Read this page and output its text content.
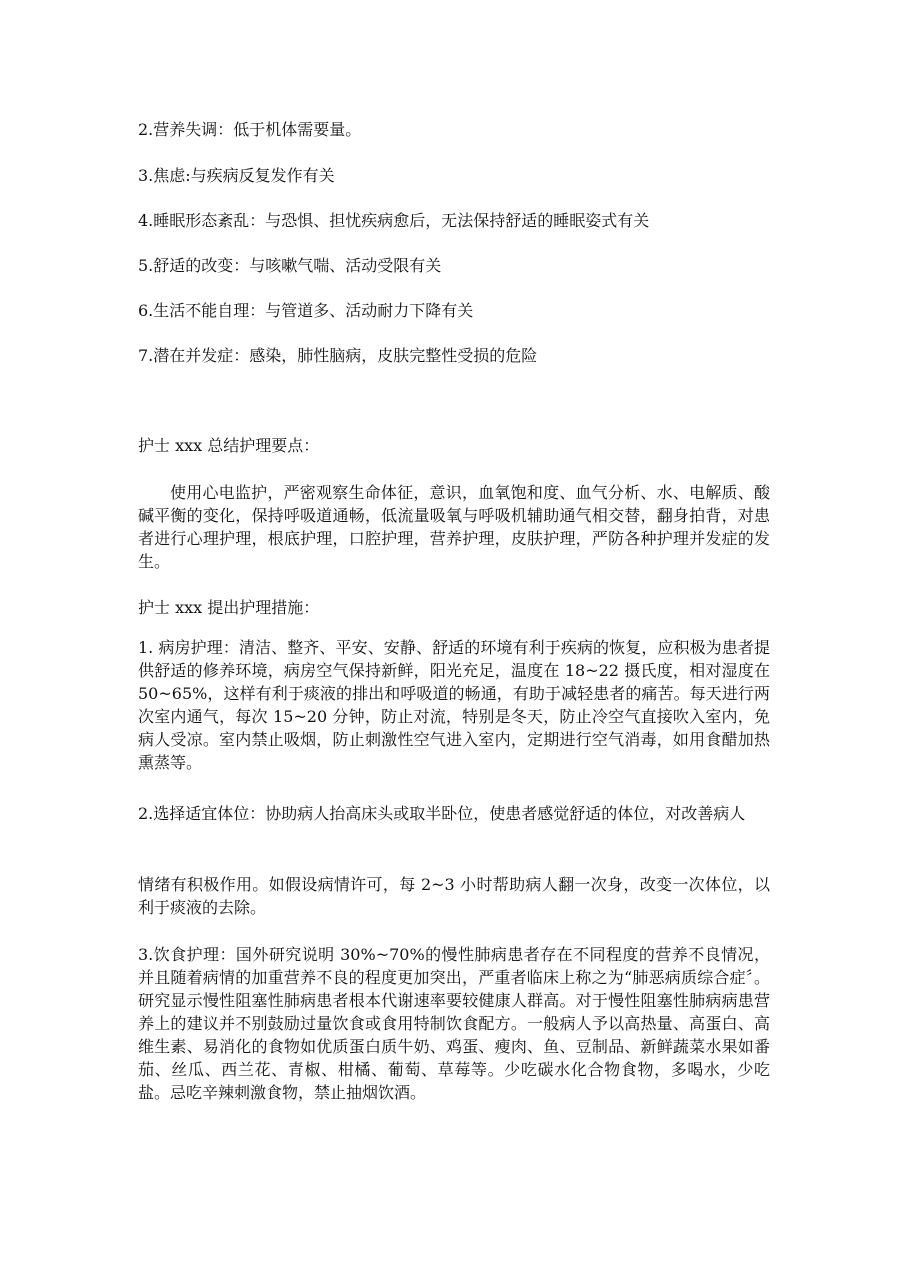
2.营养失调：低于机体需要量。
3.焦虑:与疾病反复发作有关
4.睡眠形态紊乱：与恐惧、担忧疾病愈后，无法保持舒适的睡眠姿式有关
5.舒适的改变：与咳嗽气喘、活动受限有关
6.生活不能自理：与管道多、活动耐力下降有关
7.潜在并发症：感染，肺性脑病，皮肤完整性受损的危险
护士 xxx 总结护理要点：

使用心电监护，严密观察生命体征，意识，血氧饱和度、血气分析、水、电解质、酸碱平衡的变化，保持呼吸道通畅，低流量吸氧与呼吸机辅助通气相交替，翻身拍背，对患者进行心理护理，根底护理，口腔护理，营养护理，皮肤护理，严防各种护理并发症的发生。

护士 xxx 提出护理措施：

1. 病房护理：清洁、整齐、平安、安静、舒适的环境有利于疾病的恢复，应积极为患者提供舒适的修养环境，病房空气保持新鲜，阳光充足，温度在 18~22 摄氏度，相对湿度在 50~65%，这样有利于痰液的排出和呼吸道的畅通，有助于减轻患者的痛苦。每天进行两次室内通气，每次 15~20 分钟，防止对流，特别是冬天，防止冷空气直接吹入室内，免病人受凉。室内禁止吸烟，防止刺激性空气进入室内，定期进行空气消毒，如用食醋加热熏蒸等。

2.选择适宜体位：协助病人抬高床头或取半卧位，使患者感觉舒适的体位，对改善病人

情绪有积极作用。如假设病情许可，每 2~3 小时帮助病人翻一次身，改变一次体位，以利于痰液的去除。

3.饮食护理：国外研究说明 30%~70%的慢性肺病患者存在不同程度的营养不良情况，并且随着病情的加重营养不良的程度更加突出，严重者临床上称之为“肺恶病质综合症〞。研究显示慢性阻塞性肺病患者根本代谢速率要较健康人群高。对于慢性阻塞性肺病病患营养上的建议并不别鼓励过量饮食或食用特制饮食配方。一般病人予以高热量、高蛋白、高维生素、易消化的食物如优质蛋白质牛奶、鸡蛋、瘦肉、鱼、豆制品、新鲜蔬菜水果如番茄、丝瓜、西兰花、青椒、柑橘、葡萄、草莓等。少吃碳水化合物食物，多喝水，少吃盐。忌吃辛辣刺激食物，禁止抽烟饮酒。
